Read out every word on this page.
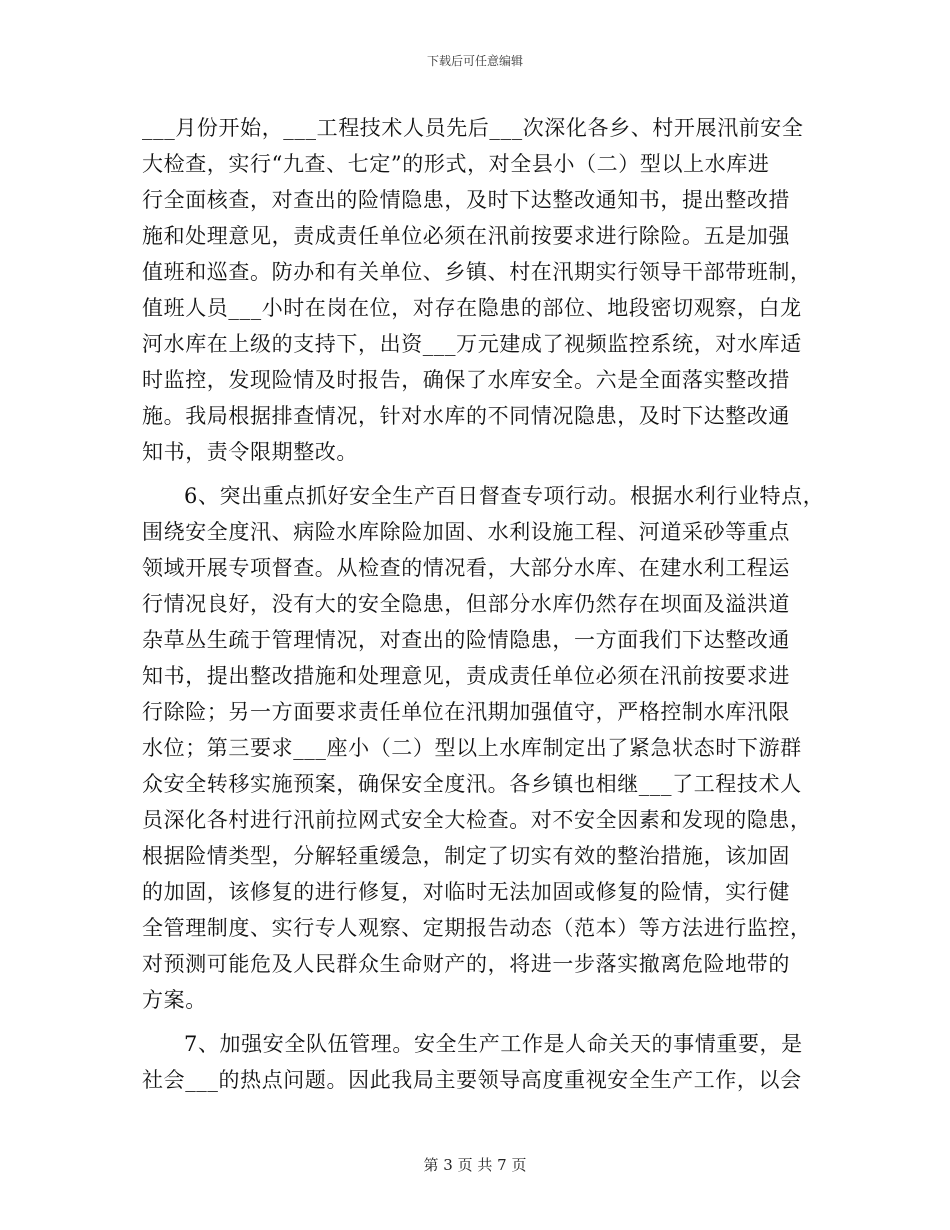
下载后可任意编辑

___月份开始，___工程技术人员先后___次深化各乡、村开展汛前安全

大检查，实行“九查、七定”的形式，对全县小（二）型以上水库进

行全面核查，对查出的险情隐患，及时下达整改通知书，提出整改措

施和处理意见，责成责任单位必须在汛前按要求进行除险。五是加强

值班和巡查。防办和有关单位、乡镇、村在汛期实行领导干部带班制，

值班人员___小时在岗在位，对存在隐患的部位、地段密切观察，白龙

河水库在上级的支持下，出资___万元建成了视频监控系统，对水库适

时监控，发现险情及时报告，确保了水库安全。六是全面落实整改措

施。我局根据排查情况，针对水库的不同情况隐患，及时下达整改通

知书，责令限期整改。

6、突出重点抓好安全生产百日督查专项行动。根据水利行业特点，

围绕安全度汛、病险水库除险加固、水利设施工程、河道采砂等重点

领域开展专项督查。从检查的情况看，大部分水库、在建水利工程运

行情况良好，没有大的安全隐患，但部分水库仍然存在坝面及溢洪道

杂草丛生疏于管理情况，对查出的险情隐患，一方面我们下达整改通

知书，提出整改措施和处理意见，责成责任单位必须在汛前按要求进

行除险；另一方面要求责任单位在汛期加强值守，严格控制水库汛限

水位；第三要求___座小（二）型以上水库制定出了紧急状态时下游群

众安全转移实施预案，确保安全度汛。各乡镇也相继___了工程技术人

员深化各村进行汛前拉网式安全大检查。对不安全因素和发现的隐患，

根据险情类型，分解轻重缓急，制定了切实有效的整治措施，该加固

的加固，该修复的进行修复，对临时无法加固或修复的险情，实行健

全管理制度、实行专人观察、定期报告动态（范本）等方法进行监控，

对预测可能危及人民群众生命财产的，将进一步落实撤离危险地带的

方案。

7、加强安全队伍管理。安全生产工作是人命关天的事情重要，是

社会___的热点问题。因此我局主要领导高度重视安全生产工作，以会

第 3 页 共 7 页
